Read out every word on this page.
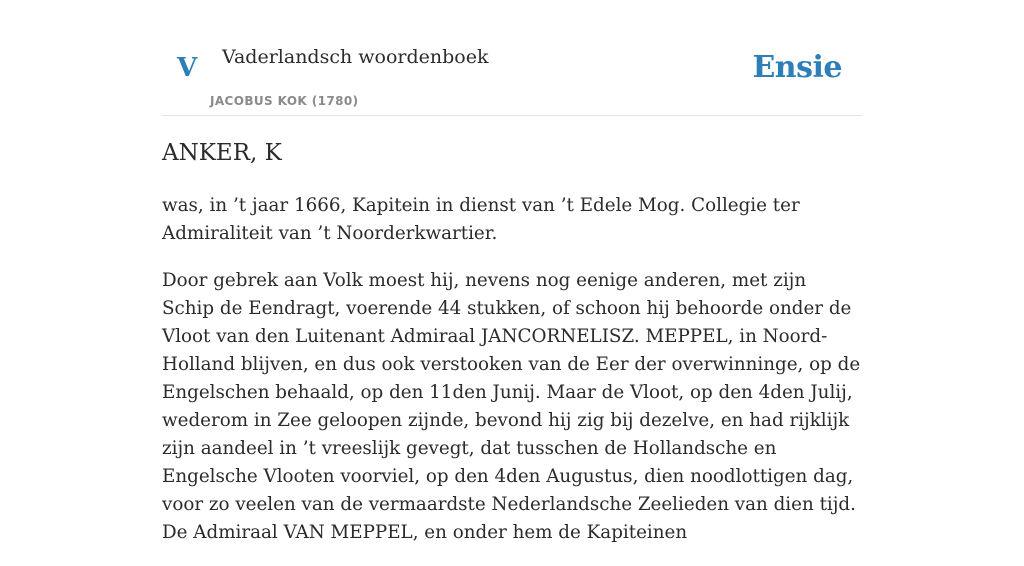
V Vaderlandsch woordenboek
JACOBUS KOK (1780)
Ensie
ANKER, K

was, in ’t jaar 1666, Kapitein in dienst van ’t Edele Mog. Collegie ter Admiraliteit van ’t Noorderkwartier.

Door gebrek aan Volk moest hij, nevens nog eenige anderen, met zijn Schip de Eendragt, voerende 44 stukken, of schoon hij behoorde onder de Vloot van den Luitenant Admiraal JANCORNELISZ. MEPPEL, in Noord-Holland blijven, en dus ook verstooken van de Eer der overwinninge, op de Engelschen behaald, op den 11den Junij. Maar de Vloot, op den 4den Julij, wederom in Zee geloopen zijnde, bevond hij zig bij dezelve, en had rijklijk zijn aandeel in ’t vreeslijk gevegt, dat tusschen de Hollandsche en Engelsche Vlooten voorviel, op den 4den Augustus, dien noodlottigen dag, voor zo veelen van de vermaardste Nederlandsche Zeelieden van dien tijd. De Admiraal VAN MEPPEL, en onder hem de Kapiteinen
